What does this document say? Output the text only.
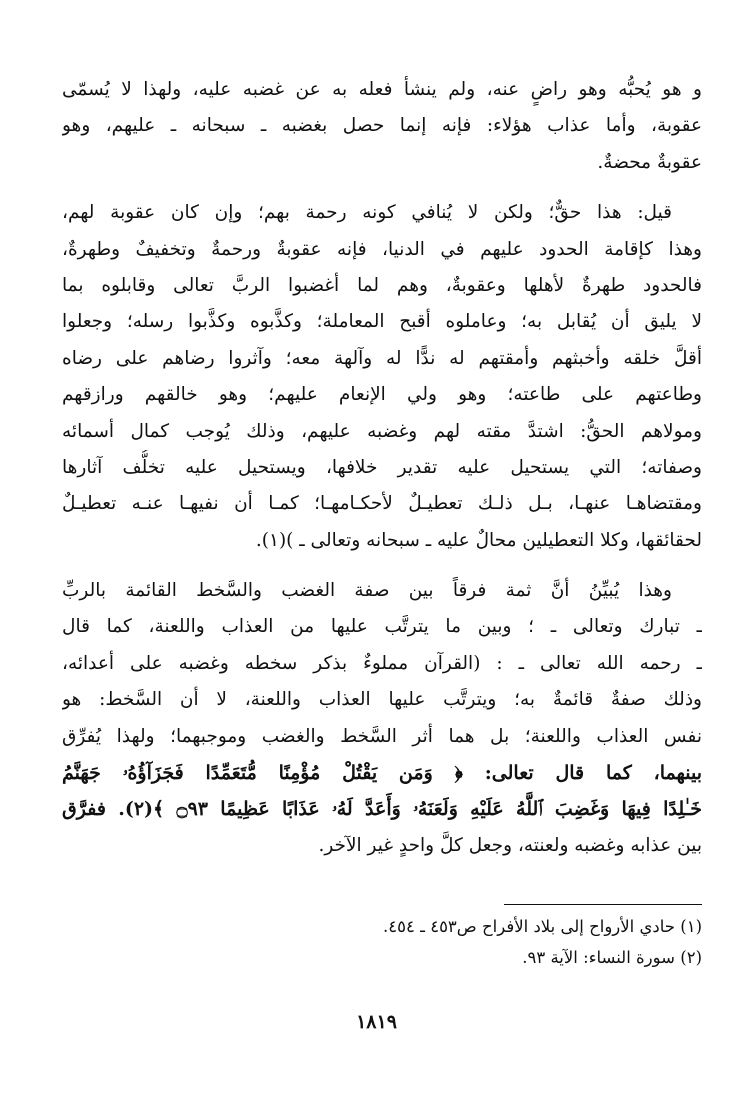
و هو يُحبُّه وهو راضٍ عنه، ولم ينشأ فعله به عن غضبه عليه، ولهذا لا يُسمّى
عقوبة، وأما عذاب هؤلاء: فإنه إنما حصل بغضبه ـ سبحانه ـ عليهم، وهو
عقوبةٌ محضةٌ.
قيل: هذا حقٌّ؛ ولكن لا يُنافي كونه رحمة بهم؛ وإن كان عقوبة لهم،
وهذا كإقامة الحدود عليهم في الدنيا، فإنه عقوبةٌ ورحمةٌ وتخفيفٌ وطهرةٌ،
فالحدود طهرةٌ لأهلها وعقوبةٌ، وهم لما أغضبوا الربَّ تعالى وقابلوه بما
لا يليق أن يُقابل به؛ وعاملوه أقبح المعاملة؛ وكذَّبوه وكذَّبوا رسله؛ وجعلوا
أقلَّ خلقه وأخبثهم وأمقتهم له ندًّا له وآلهة معه؛ وآثروا رضاهم على رضاه
وطاعتهم على طاعته؛ وهو ولي الإنعام عليهم؛ وهو خالقهم ورازقهم
ومولاهم الحقُّ: اشتدَّ مقته لهم وغضبه عليهم، وذلك يُوجب كمال أسمائه
وصفاته؛ التي يستحيل عليه تقدير خلافها، ويستحيل عليه تخلُّف آثارها
ومقتضاهـا عنهـا، بـل ذلـك تعطيـلٌ لأحكـامهـا؛ كمـا أن نفيهـا عنـه تعطيـلٌ
لحقائقها، وكلا التعطيلين محالٌ عليه ـ سبحانه وتعالى ـ )(١).
وهذا يُبيِّنُ أنَّ ثمة فرقاً بين صفة الغضب والسَّخط القائمة بالربِّ
ـ تبارك وتعالى ـ ؛ وبين ما يترتَّب عليها من العذاب واللعنة، كما قال
ـ رحمه الله تعالى ـ : (القرآن مملوءٌ بذكر سخطه وغضبه على أعدائه،
وذلك صفةٌ قائمةٌ به؛ ويترتَّب عليها العذاب واللعنة، لا أن السَّخط: هو
نفس العذاب واللعنة؛ بل هما أثر السَّخط والغضب وموجبهما؛ ولهذا يُفرِّق
بينهما، كما قال تعالى: ﴿ وَمَن يَقْتُلْ مُؤْمِنًا مُّتَعَمِّدًا فَجَزَآؤُهُۥ جَهَنَّمُ
خَـٰلِدًا فِيهَا وَغَضِبَ ٱللَّهُ عَلَيْهِ وَلَعَنَهُۥ وَأَعَدَّ لَهُۥ عَذَابًا عَظِيمًا ۝٩٣ ﴾(٢). ففرَّق
بين عذابه وغضبه ولعنته، وجعل كلَّ واحدٍ غير الآخر.
(١) حادي الأرواح إلى بلاد الأفراح ص٤٥٣ ـ ٤٥٤.
(٢) سورة النساء: الآية ٩٣.
١٨١٩
